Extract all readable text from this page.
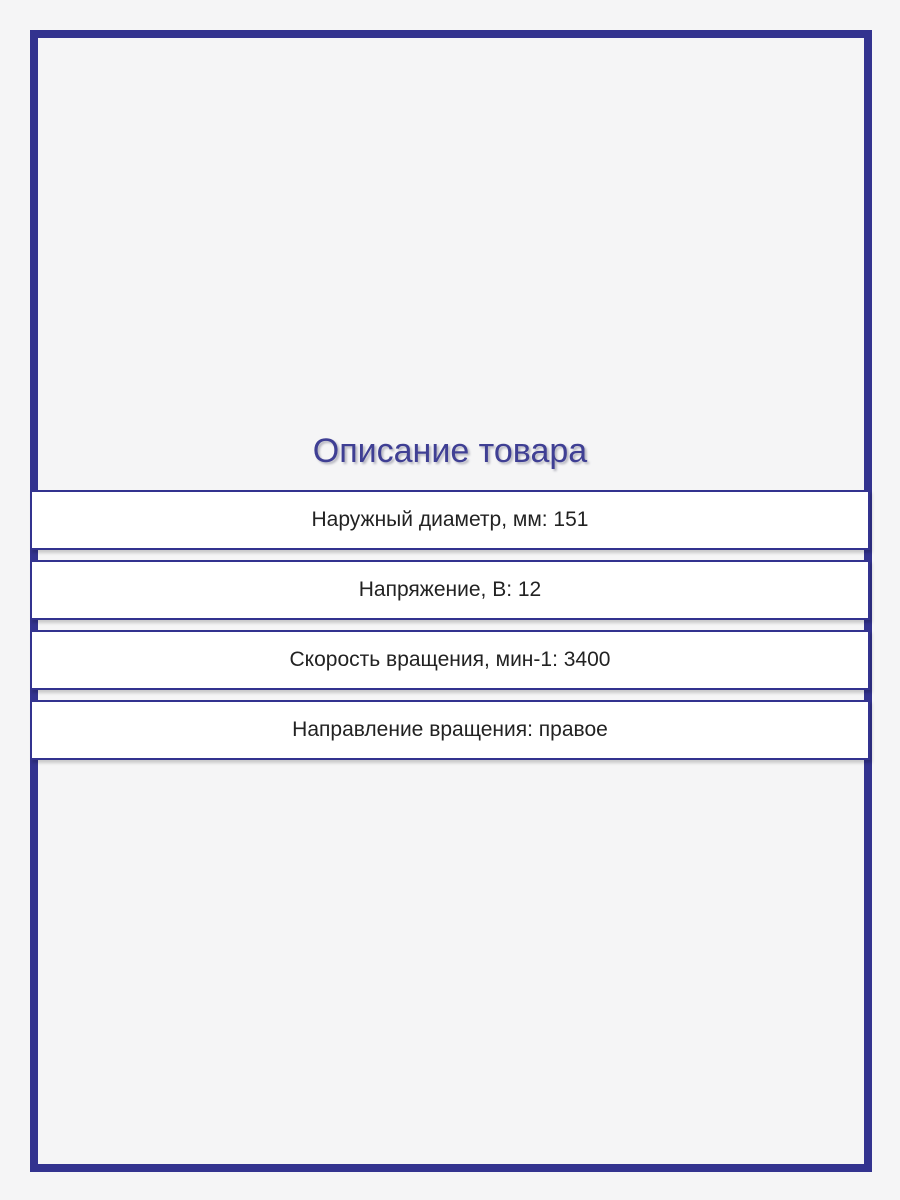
Описание товара
Наружный диаметр, мм: 151
Напряжение, В: 12
Скорость вращения, мин-1: 3400
Направление вращения: правое
